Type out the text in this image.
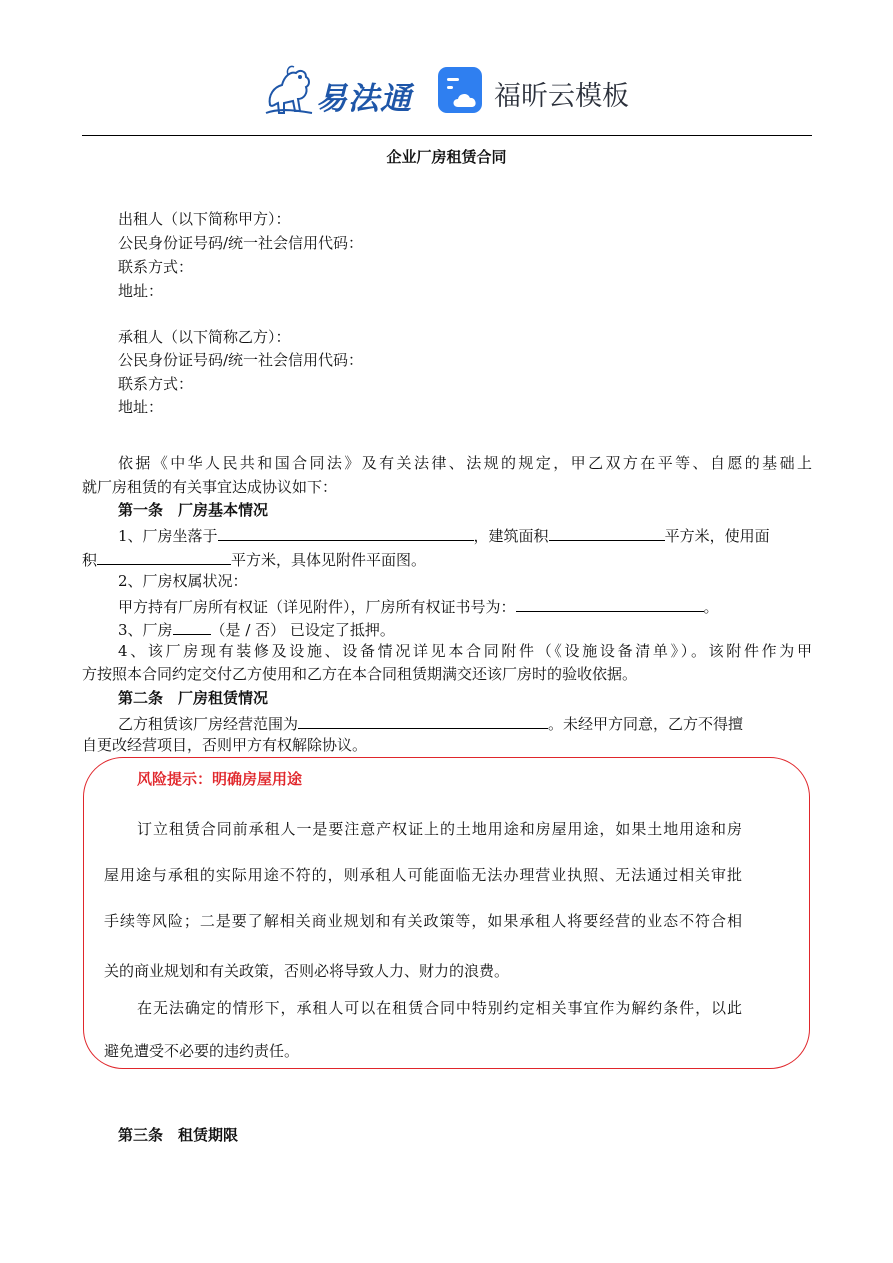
易法通	福昕云模板
企业厂房租赁合同
出租人（以下简称甲方）：
公民身份证号码/统一社会信用代码：
联系方式：
地址：
承租人（以下简称乙方）：
公民身份证号码/统一社会信用代码：
联系方式：
地址：
依据《中华人民共和国合同法》及有关法律、法规的规定，甲乙双方在平等、自愿的基础上
就厂房租赁的有关事宜达成协议如下：
第一条　厂房基本情况
1、厂房坐落于	，建筑面积	平方米，使用面
积	平方米，具体见附件平面图。
2、厂房权属状况：
甲方持有厂房所有权证（详见附件），厂房所有权证书号为：	。
3、厂房	（是 / 否） 已设定了抵押。
4、该厂房现有装修及设施、设备情况详见本合同附件（《设施设备清单》）。该附件作为甲
方按照本合同约定交付乙方使用和乙方在本合同租赁期满交还该厂房时的验收依据。
第二条　厂房租赁情况
乙方租赁该厂房经营范围为	。未经甲方同意，乙方不得擅
自更改经营项目，否则甲方有权解除协议。
风险提示：明确房屋用途
订立租赁合同前承租人一是要注意产权证上的土地用途和房屋用途，如果土地用途和房
屋用途与承租的实际用途不符的，则承租人可能面临无法办理营业执照、无法通过相关审批
手续等风险；二是要了解相关商业规划和有关政策等，如果承租人将要经营的业态不符合相
关的商业规划和有关政策，否则必将导致人力、财力的浪费。
在无法确定的情形下，承租人可以在租赁合同中特别约定相关事宜作为解约条件，以此
避免遭受不必要的违约责任。
第三条　租赁期限
